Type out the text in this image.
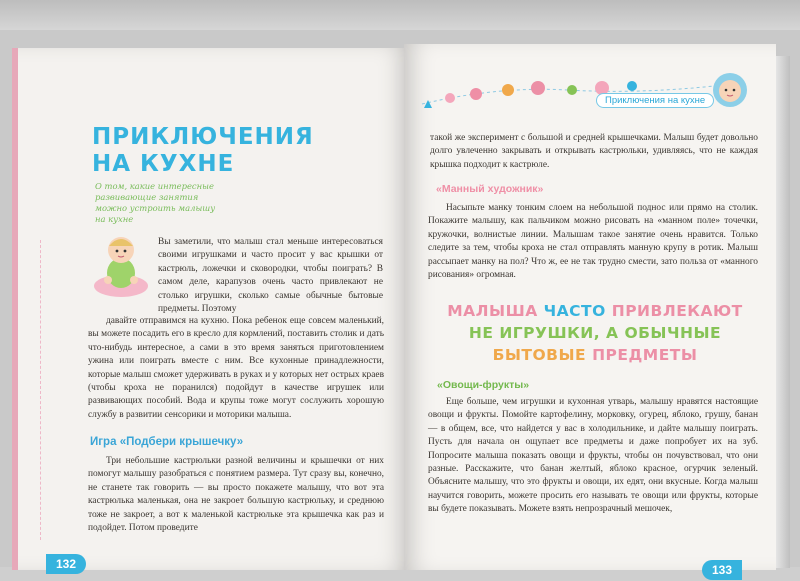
ПРИКЛЮЧЕНИЯ
НА КУХНЕ
О том, какие интересные развивающие занятия можно устроить малышу на кухне
Вы заметили, что малыш стал меньше интересоваться своими игрушками и часто просит у вас крышки от кастрюль, ложечки и сковородки, чтобы поиграть? В самом деле, карапузов очень часто привлекают не столько игрушки, сколько самые обычные бытовые предметы. Поэтому
давайте отправимся на кухню. Пока ребенок еще совсем маленький, вы можете посадить его в кресло для кормлений, поставить столик и дать что-нибудь интересное, а сами в это время заняться приготовлением ужина или поиграть вместе с ним. Все кухонные принадлежности, которые малыш сможет удерживать в руках и у которых нет острых краев (чтобы кроха не поранился) подойдут в качестве игрушек или развивающих пособий. Вода и крупы тоже могут сослужить хорошую службу в развитии сенсорики и моторики малыша.
Игра «Подбери крышечку»
Три небольшие кастрюльки разной величины и крышечки от них помогут малышу разобраться с понятием размера. Тут сразу вы, конечно, не станете так говорить — вы просто покажете малышу, что вот эта кастрюлька маленькая, она не закроет большую кастрюльку, и среднюю тоже не закроет, а вот к маленькой кастрюльке эта крышечка как раз и подойдет. Потом проведите
132
Приключения на кухне
такой же эксперимент с большой и средней крышечками. Малыш будет довольно долго увлеченно закрывать и открывать кастрюльки, удивляясь, что не каждая крышка подходит к кастрюле.
«Манный художник»
Насыпьте манку тонким слоем на небольшой поднос или прямо на столик. Покажите малышу, как пальчиком можно рисовать на «манном поле» точечки, кружочки, волнистые линии. Малышам такое занятие очень нравится. Только следите за тем, чтобы кроха не стал отправлять манную крупу в ротик. Малыш рассыпает манку на пол? Что ж, ее не так трудно смести, зато польза от «манного рисования» огромная.
МАЛЫША ЧАСТО ПРИВЛЕКАЮТ
НЕ ИГРУШКИ, А ОБЫЧНЫЕ
БЫТОВЫЕ ПРЕДМЕТЫ
«Овощи-фрукты»
Еще больше, чем игрушки и кухонная утварь, малышу нравятся настоящие овощи и фрукты. Помойте картофелину, морковку, огурец, яблоко, грушу, банан — в общем, все, что найдется у вас в холодильнике, и дайте малышу поиграть. Пусть для начала он ощупает все предметы и даже попробует их на зуб. Попросите малыша показать овощи и фрукты, чтобы он почувствовал, что они разные. Расскажите, что банан желтый, яблоко красное, огурчик зеленый. Объясните малышу, что это фрукты и овощи, их едят, они вкусные. Когда малыш научится говорить, можете просить его называть те овощи или фрукты, которые вы будете показывать. Можете взять непрозрачный мешочек,
133
